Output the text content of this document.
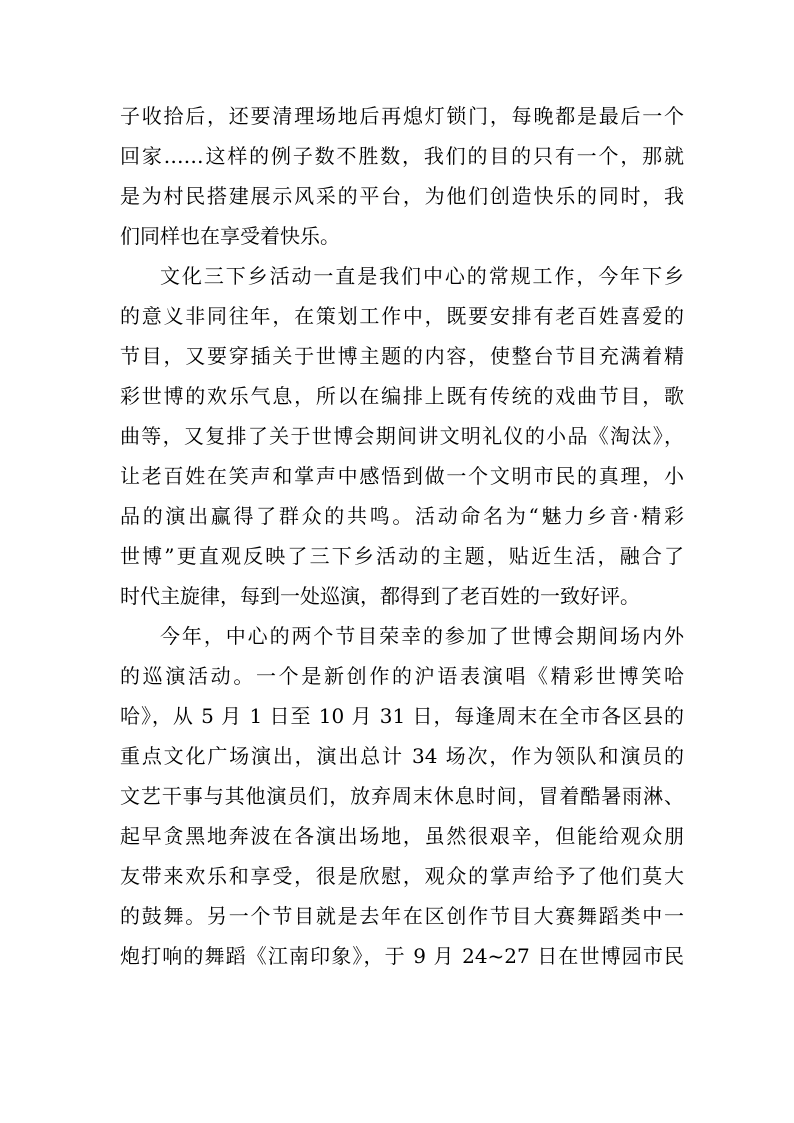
子收拾后，还要清理场地后再熄灯锁门，每晚都是最后一个
回家……这样的例子数不胜数，我们的目的只有一个，那就
是为村民搭建展示风采的平台，为他们创造快乐的同时，我
们同样也在享受着快乐。
文化三下乡活动一直是我们中心的常规工作，今年下乡
的意义非同往年，在策划工作中，既要安排有老百姓喜爱的
节目，又要穿插关于世博主题的内容，使整台节目充满着精
彩世博的欢乐气息，所以在编排上既有传统的戏曲节目，歌
曲等，又复排了关于世博会期间讲文明礼仪的小品《淘汰》，
让老百姓在笑声和掌声中感悟到做一个文明市民的真理，小
品的演出赢得了群众的共鸣。活动命名为“魅力乡音·精彩
世博”更直观反映了三下乡活动的主题，贴近生活，融合了
时代主旋律，每到一处巡演，都得到了老百姓的一致好评。
今年，中心的两个节目荣幸的参加了世博会期间场内外
的巡演活动。一个是新创作的沪语表演唱《精彩世博笑哈
哈》，从 5 月 1 日至 10 月 31 日，每逢周末在全市各区县的
重点文化广场演出，演出总计 34 场次，作为领队和演员的
文艺干事与其他演员们，放弃周末休息时间，冒着酷暑雨淋、
起早贪黑地奔波在各演出场地，虽然很艰辛，但能给观众朋
友带来欢乐和享受，很是欣慰，观众的掌声给予了他们莫大
的鼓舞。另一个节目就是去年在区创作节目大赛舞蹈类中一
炮打响的舞蹈《江南印象》，于 9 月 24~27 日在世博园市民
